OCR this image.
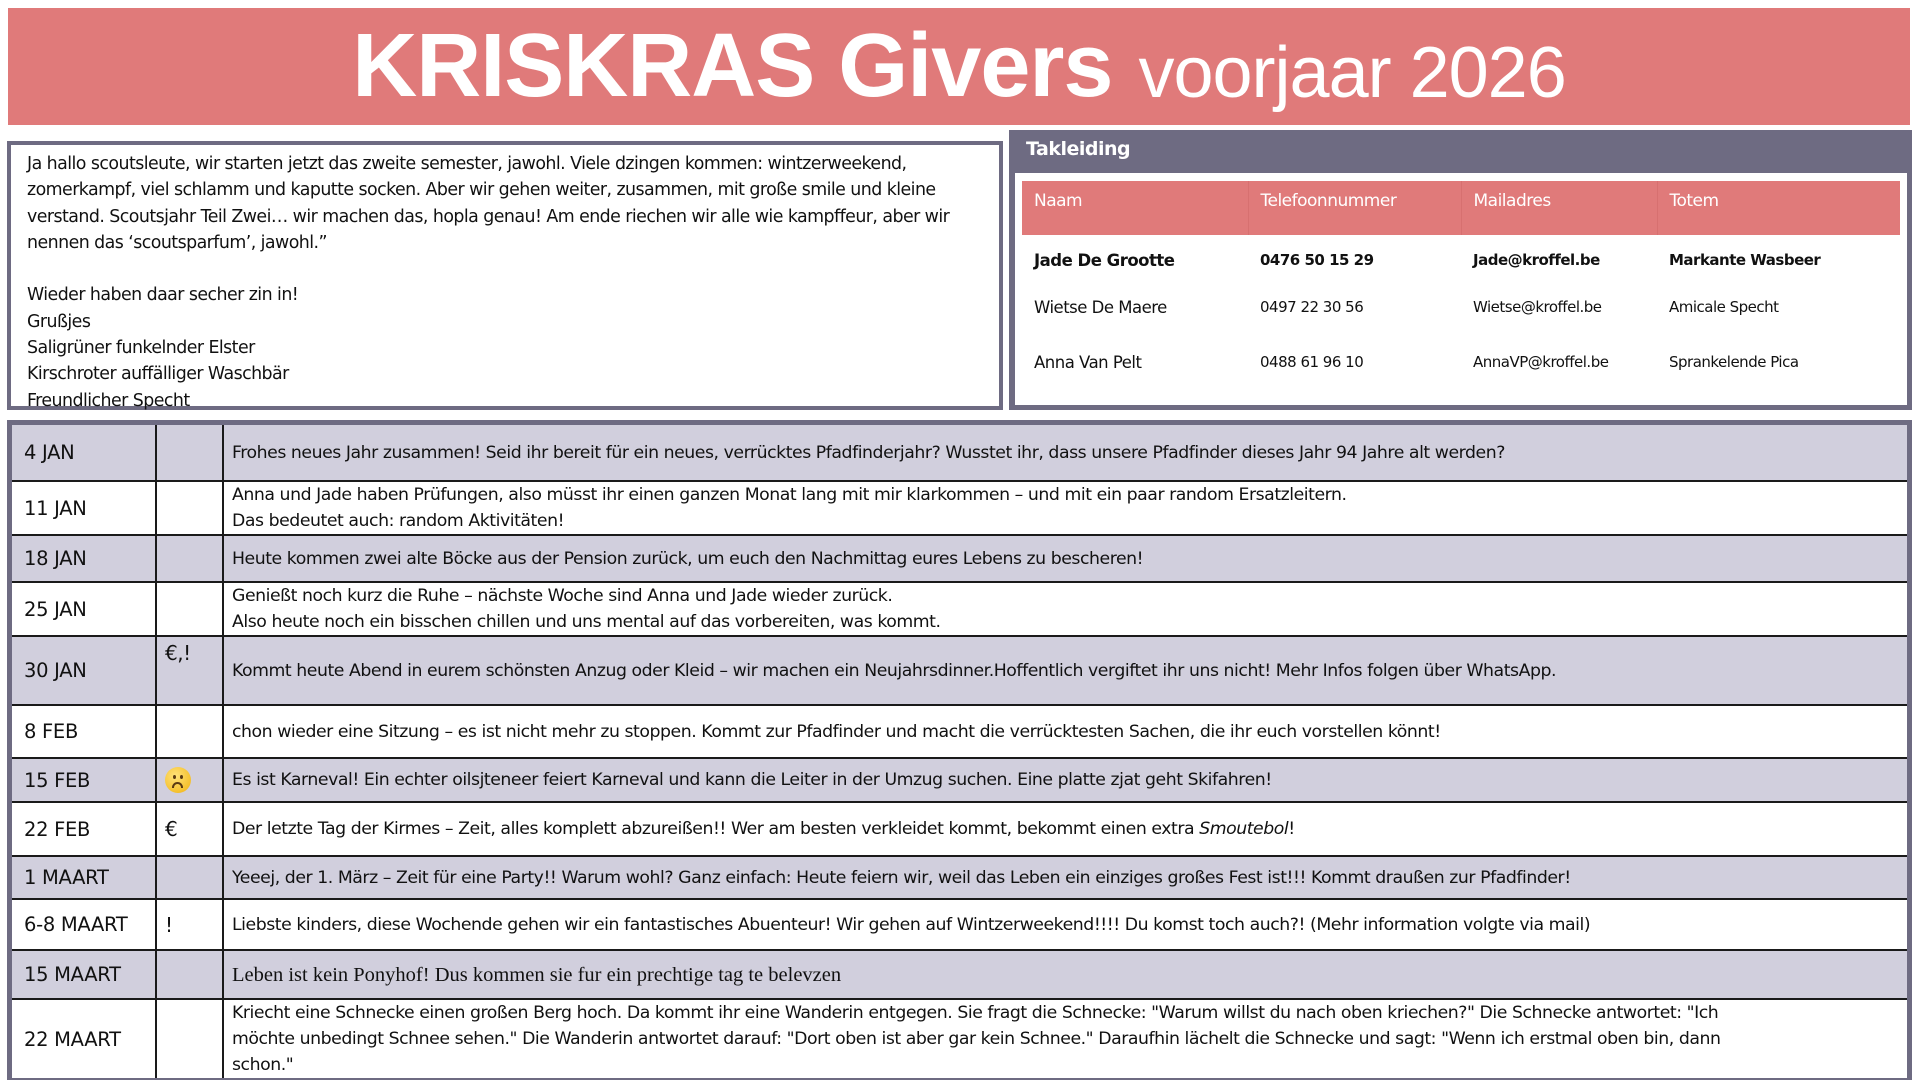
KRISKRAS Givers voorjaar 2026
Ja hallo scoutsleute, wir starten jetzt das zweite semester, jawohl. Viele dzingen kommen: wintzerweekend, zomerkampf, viel schlamm und kaputte socken. Aber wir gehen weiter, zusammen, mit große smile und kleine verstand. Scoutsjahr Teil Zwei… wir machen das, hopla genau! Am ende riechen wir alle wie kampffeur, aber wir nennen das ‘scoutsparfum’, jawohl.”

Wieder haben daar secher zin in!
Grußjes
Saligrüner funkelnder Elster
Kirschroter auffälliger Waschbär
Freundlicher Specht
Takleiding
Naam	Telefoonnummer	Mailadres	Totem
Jade De Grootte	0476 50 15 29	Jade@kroffel.be	Markante Wasbeer
Wietse De Maere	0497 22 30 56	Wietse@kroffel.be	Amicale Specht
Anna Van Pelt	0488 61 96 10	AnnaVP@kroffel.be	Sprankelende Pica
4 JAN		Frohes neues Jahr zusammen! Seid ihr bereit für ein neues, verrücktes Pfadfinderjahr? Wusstet ihr, dass unsere Pfadfinder dieses Jahr 94 Jahre alt werden?

11 JAN		Anna und Jade haben Prüfungen, also müsst ihr einen ganzen Monat lang mit mir klarkommen – und mit ein paar random Ersatzleitern.
Das bedeutet auch: random Aktivitäten!

18 JAN		Heute kommen zwei alte Böcke aus der Pension zurück, um euch den Nachmittag eures Lebens zu bescheren!

25 JAN		Genießt noch kurz die Ruhe – nächste Woche sind Anna und Jade wieder zurück.
Also heute noch ein bisschen chillen und uns mental auf das vorbereiten, was kommt.

30 JAN	€,!	Kommt heute Abend in eurem schönsten Anzug oder Kleid – wir machen ein Neujahrsdinner.Hoffentlich vergiftet ihr uns nicht! Mehr Infos folgen über WhatsApp.

8 FEB		chon wieder eine Sitzung – es ist nicht mehr zu stoppen. Kommt zur Pfadfinder und macht die verrücktesten Sachen, die ihr euch vorstellen könnt!

15 FEB		Es ist Karneval! Ein echter oilsjteneer feiert Karneval und kann die Leiter in der Umzug suchen. Eine platte zjat geht Skifahren!

22 FEB	€	Der letzte Tag der Kirmes – Zeit, alles komplett abzureißen!! Wer am besten verkleidet kommt, bekommt einen extra Smoutebol!
1 MAART		Yeeej, der 1. März – Zeit für eine Party!! Warum wohl? Ganz einfach: Heute feiern wir, weil das Leben ein einziges großes Fest ist!!! Kommt draußen zur Pfadfinder!

6-8 MAART	!	Liebste kinders, diese Wochende gehen wir ein fantastisches Abuenteur! Wir gehen auf Wintzerweekend!!!! Du komst toch auch?! (Mehr information volgte via mail)

15 MAART		Leben ist kein Ponyhof! Dus kommen sie fur ein prechtige tag te belevzen

22 MAART		Kriecht eine Schnecke einen großen Berg hoch. Da kommt ihr eine Wanderin entgegen. Sie fragt die Schnecke: "Warum willst du nach oben kriechen?" Die Schnecke antwortet: "Ich
möchte unbedingt Schnee sehen." Die Wanderin antwortet darauf: "Dort oben ist aber gar kein Schnee." Daraufhin lächelt die Schnecke und sagt: "Wenn ich erstmal oben bin, dann
schon."
